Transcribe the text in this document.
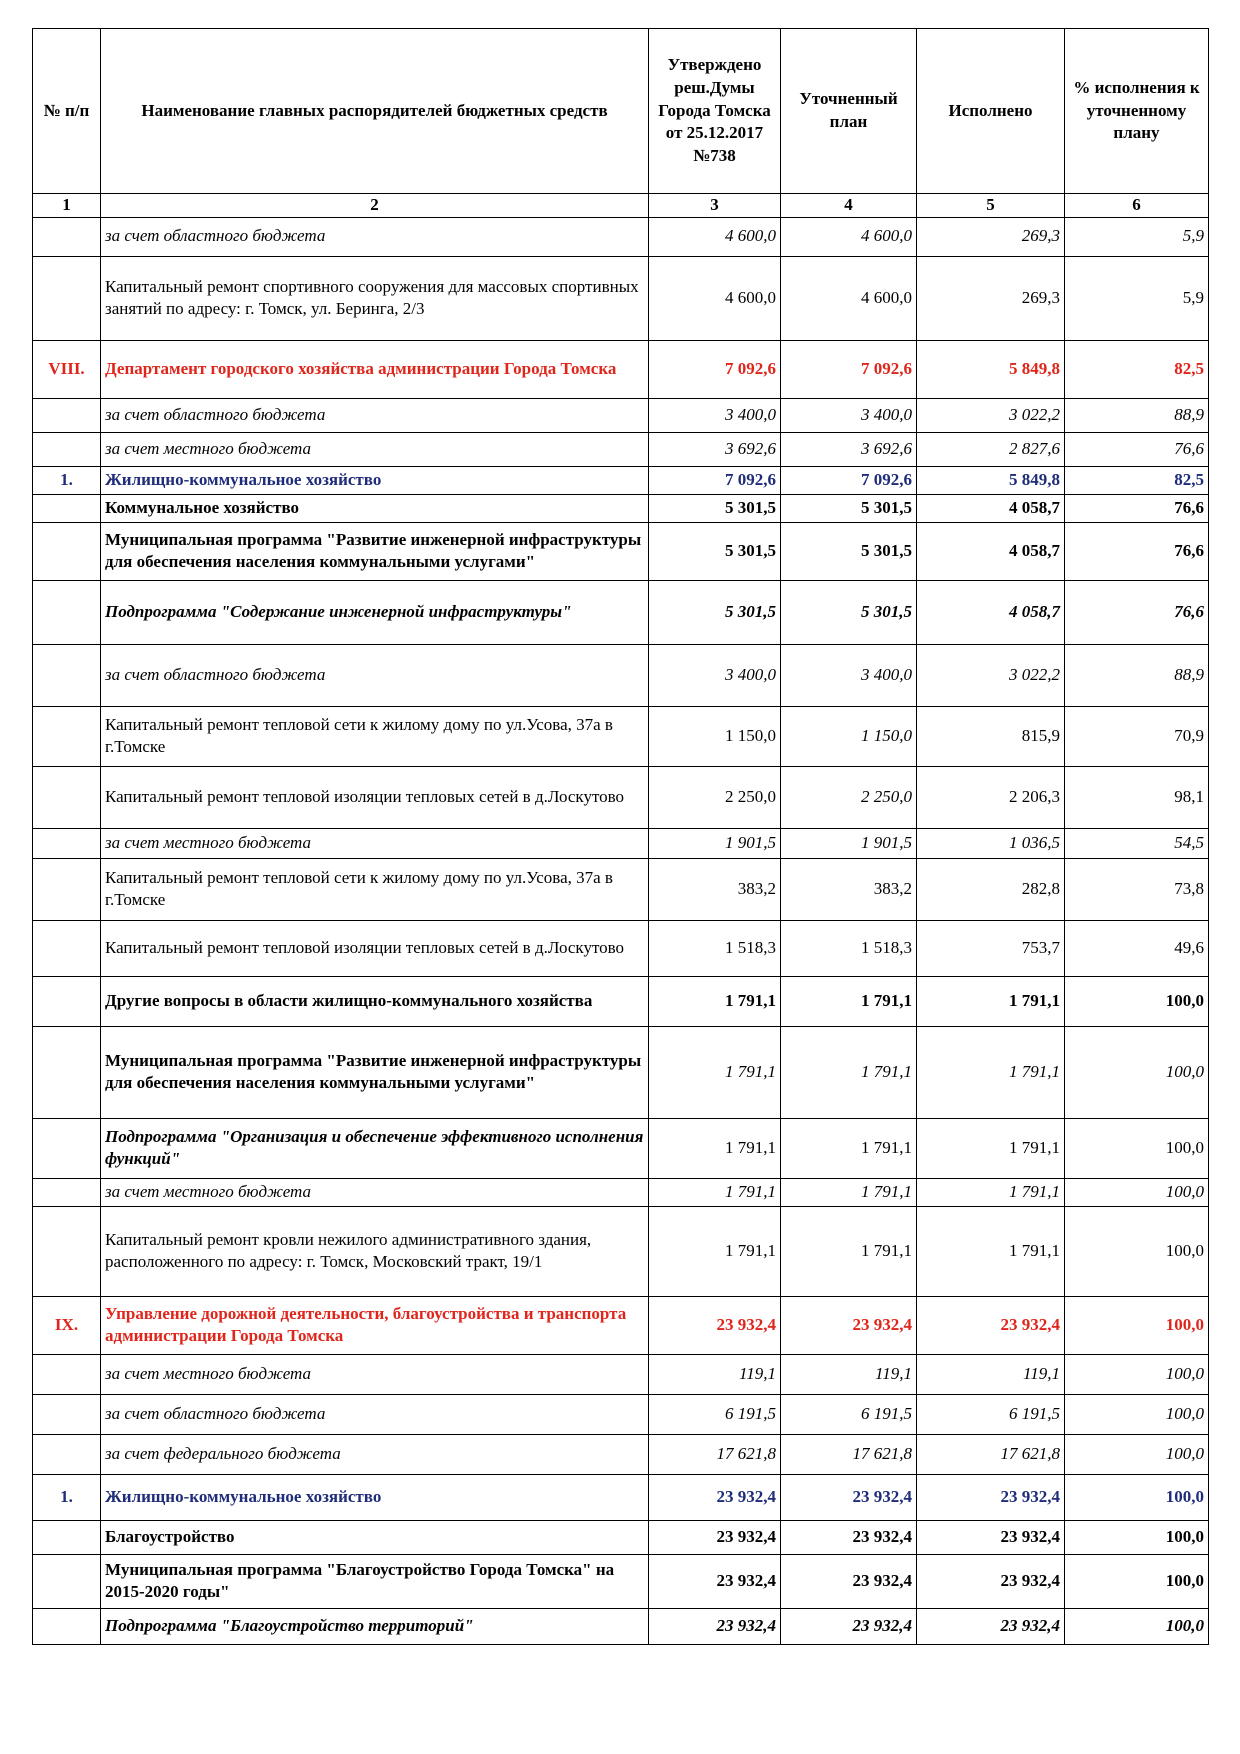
№ п/п	Наименование главных распорядителей бюджетных средств	Утверждено реш.Думы Города Томска от 25.12.2017 №738	Уточненный план	Исполнено	% исполнения к уточненному плану
1	2	3	4	5	6
	за счет областного бюджета	4 600,0	4 600,0	269,3	5,9
	Капитальный ремонт спортивного сооружения для массовых спортивных занятий по адресу: г. Томск, ул. Беринга, 2/3	4 600,0	4 600,0	269,3	5,9
VIII.	Департамент городского хозяйства администрации Города Томска	7 092,6	7 092,6	5 849,8	82,5
	за счет областного бюджета	3 400,0	3 400,0	3 022,2	88,9
	за счет местного бюджета	3 692,6	3 692,6	2 827,6	76,6
1.	Жилищно-коммунальное хозяйство	7 092,6	7 092,6	5 849,8	82,5
	Коммунальное хозяйство	5 301,5	5 301,5	4 058,7	76,6
	Муниципальная программа "Развитие инженерной инфраструктуры для обеспечения населения коммунальными услугами"	5 301,5	5 301,5	4 058,7	76,6
	Подпрограмма "Содержание инженерной инфраструктуры"	5 301,5	5 301,5	4 058,7	76,6
	за счет областного бюджета	3 400,0	3 400,0	3 022,2	88,9
	Капитальный ремонт тепловой сети к жилому дому по ул.Усова, 37а в г.Томске	1 150,0	1 150,0	815,9	70,9
	Капитальный ремонт тепловой изоляции тепловых сетей в д.Лоскутово	2 250,0	2 250,0	2 206,3	98,1
	за счет местного бюджета	1 901,5	1 901,5	1 036,5	54,5
	Капитальный ремонт тепловой сети к жилому дому по ул.Усова, 37а в г.Томске	383,2	383,2	282,8	73,8
	Капитальный ремонт тепловой изоляции тепловых сетей в д.Лоскутово	1 518,3	1 518,3	753,7	49,6
	Другие вопросы в области жилищно-коммунального хозяйства	1 791,1	1 791,1	1 791,1	100,0
	Муниципальная программа "Развитие инженерной инфраструктуры для обеспечения населения коммунальными услугами"	1 791,1	1 791,1	1 791,1	100,0
	Подпрограмма "Организация и обеспечение эффективного исполнения функций"	1 791,1	1 791,1	1 791,1	100,0
	за счет местного бюджета	1 791,1	1 791,1	1 791,1	100,0
	Капитальный ремонт кровли нежилого административного здания, расположенного по адресу: г. Томск, Московский тракт, 19/1	1 791,1	1 791,1	1 791,1	100,0
IX.	Управление дорожной деятельности, благоустройства и транспорта администрации Города Томска	23 932,4	23 932,4	23 932,4	100,0
	за счет местного бюджета	119,1	119,1	119,1	100,0
	за счет областного бюджета	6 191,5	6 191,5	6 191,5	100,0
	за счет федерального бюджета	17 621,8	17 621,8	17 621,8	100,0
1.	Жилищно-коммунальное хозяйство	23 932,4	23 932,4	23 932,4	100,0
	Благоустройство	23 932,4	23 932,4	23 932,4	100,0
	Муниципальная программа "Благоустройство Города Томска" на 2015-2020 годы"	23 932,4	23 932,4	23 932,4	100,0
	Подпрограмма "Благоустройство территорий"	23 932,4	23 932,4	23 932,4	100,0
